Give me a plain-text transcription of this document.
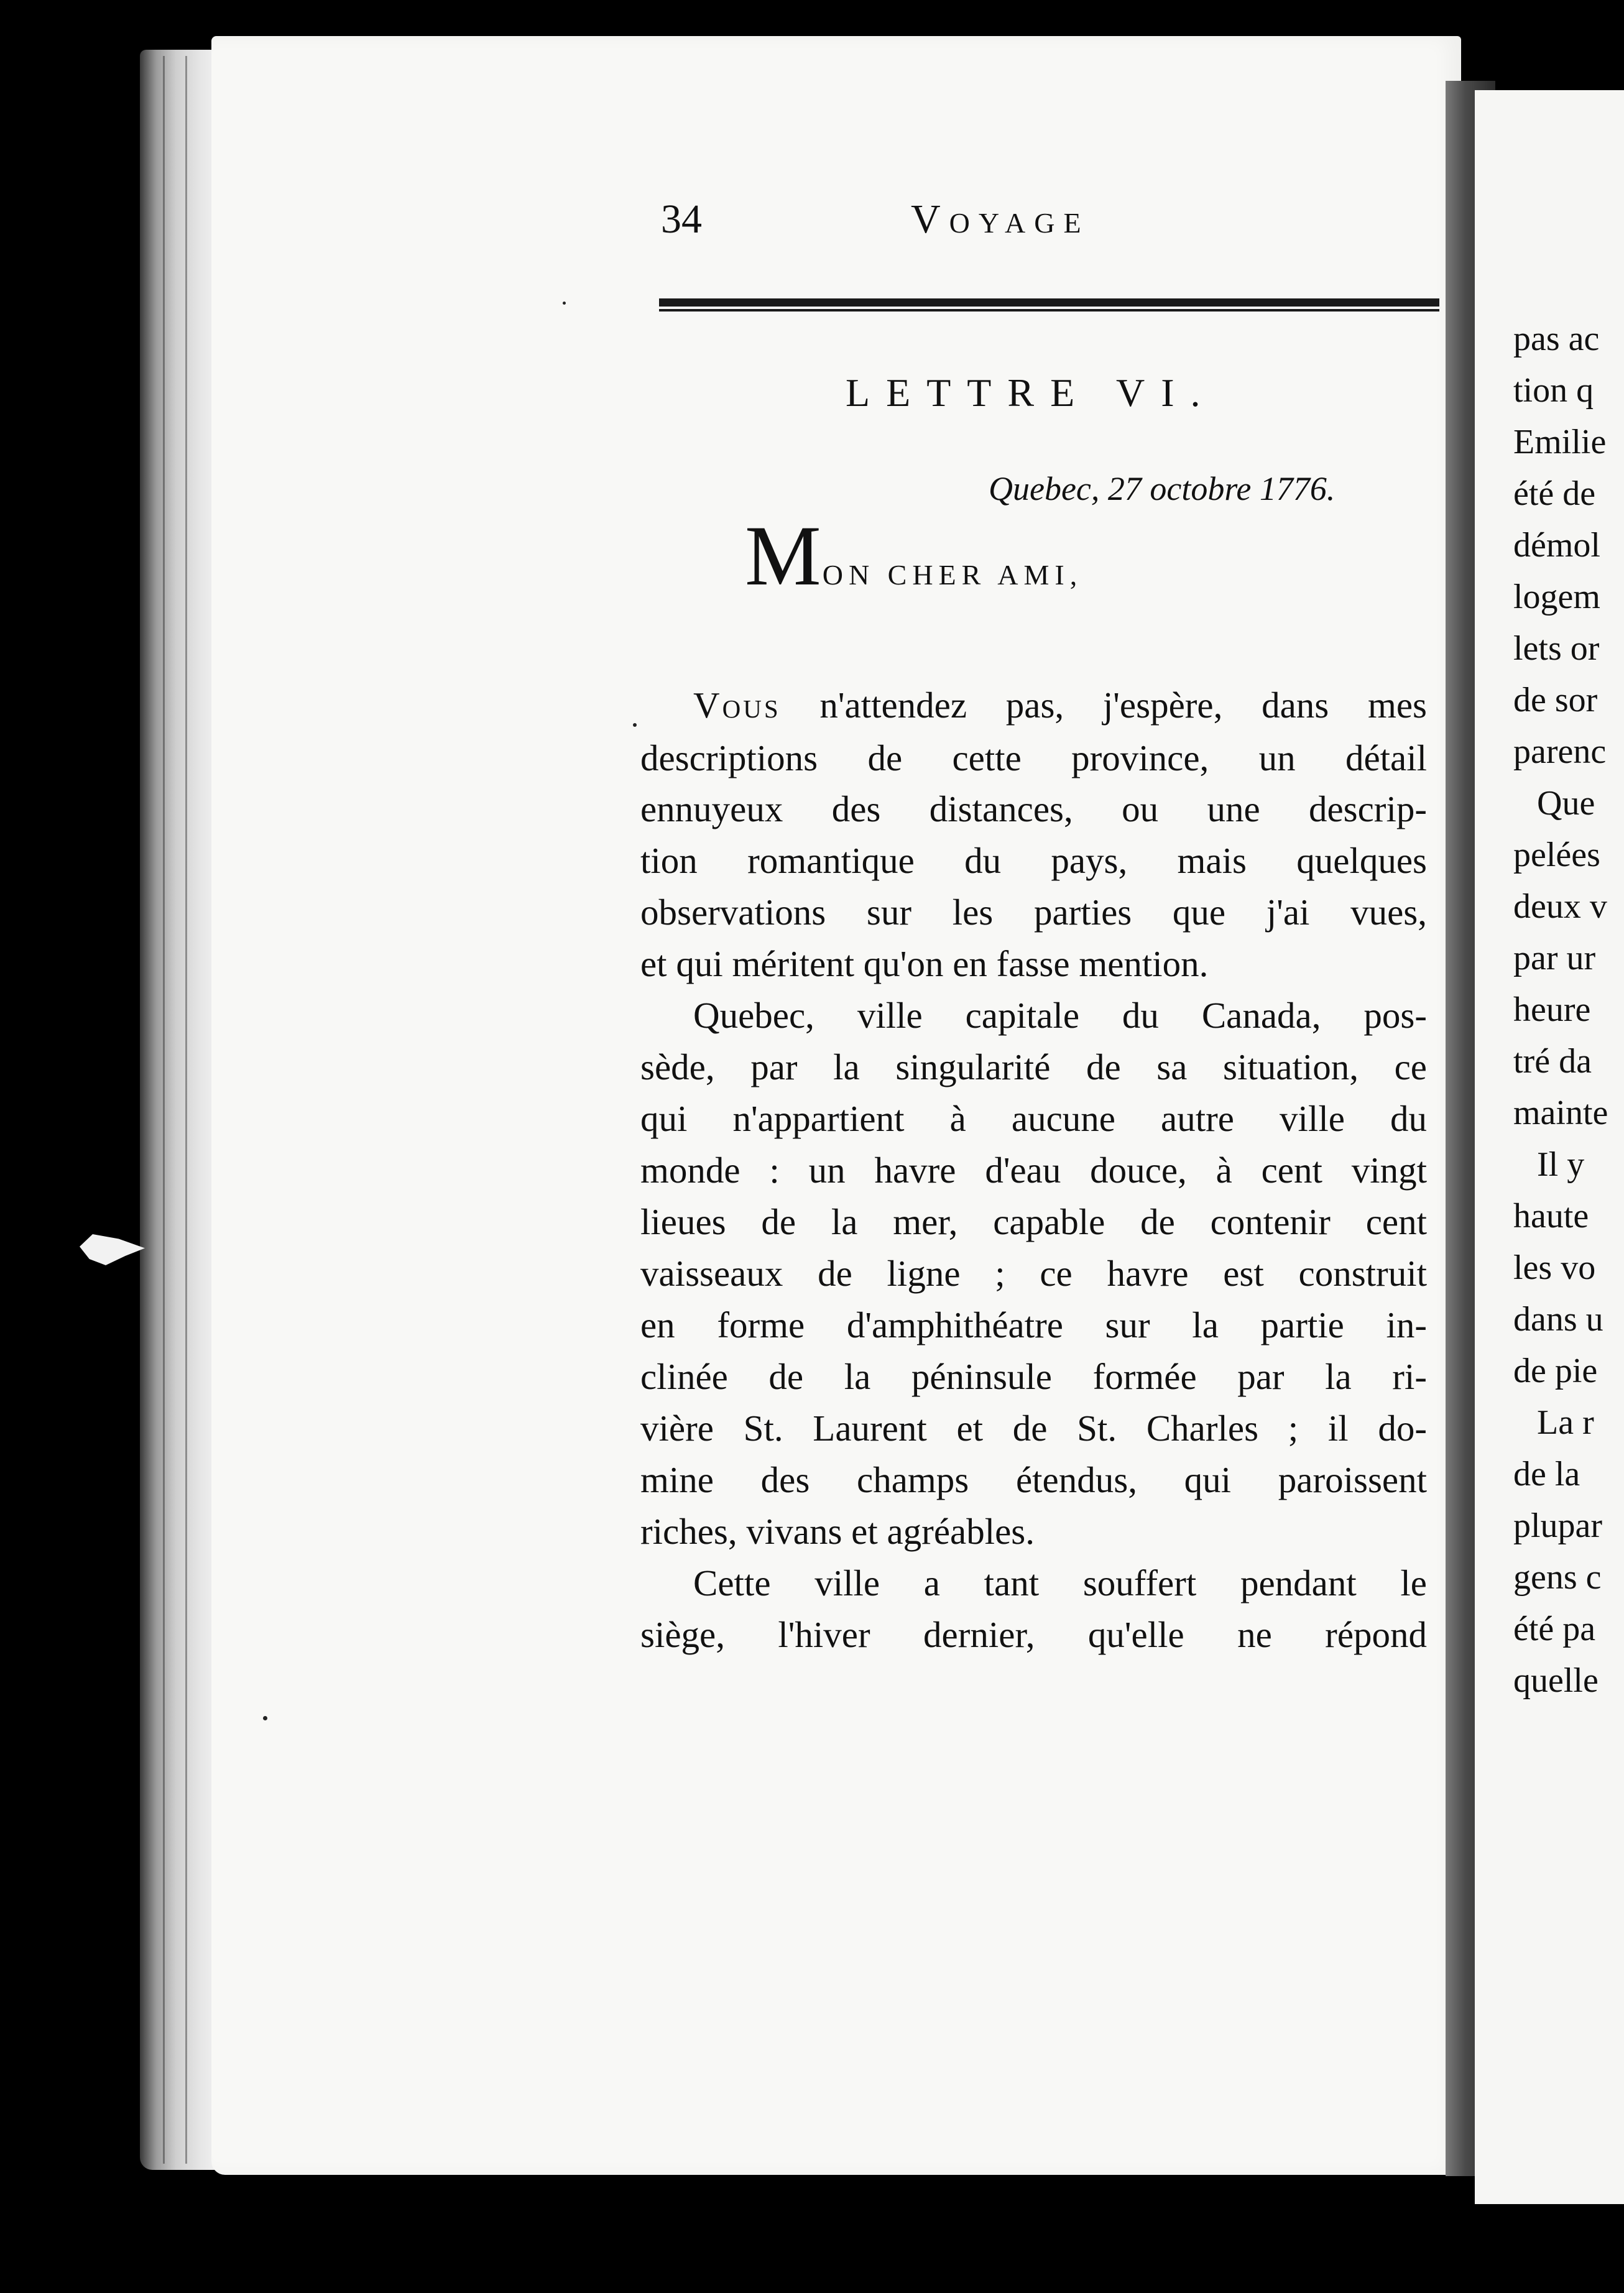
34	Voyage
LETTRE VI.
Quebec, 27 octobre 1776.
MON CHER AMI,
Vous n'attendez pas, j'espère, dans mes
descriptions de cette province, un détail
ennuyeux des distances, ou une descrip-
tion romantique du pays, mais quelques
observations sur les parties que j'ai vues,
et qui méritent qu'on en fasse mention.
Quebec, ville capitale du Canada, pos-
sède, par la singularité de sa situation, ce
qui n'appartient à aucune autre ville du
monde : un havre d'eau douce, à cent vingt
lieues de la mer, capable de contenir cent
vaisseaux de ligne ; ce havre est construit
en forme d'amphithéatre sur la partie in-
clinée de la péninsule formée par la ri-
vière St. Laurent et de St. Charles ; il do-
mine des champs étendus, qui paroissent
riches, vivans et agréables.
Cette ville a tant souffert pendant le
siège, l'hiver dernier, qu'elle ne répond
pas ac
tion q
Emilie
été de
démol
logem
lets or
de sor
parenc
Que
pelées
deux v
par ur
heure
tré da
mainte
Il y
haute
les vo
dans u
de pie
La r
de la
plupar
gens c
été pa
quelle
